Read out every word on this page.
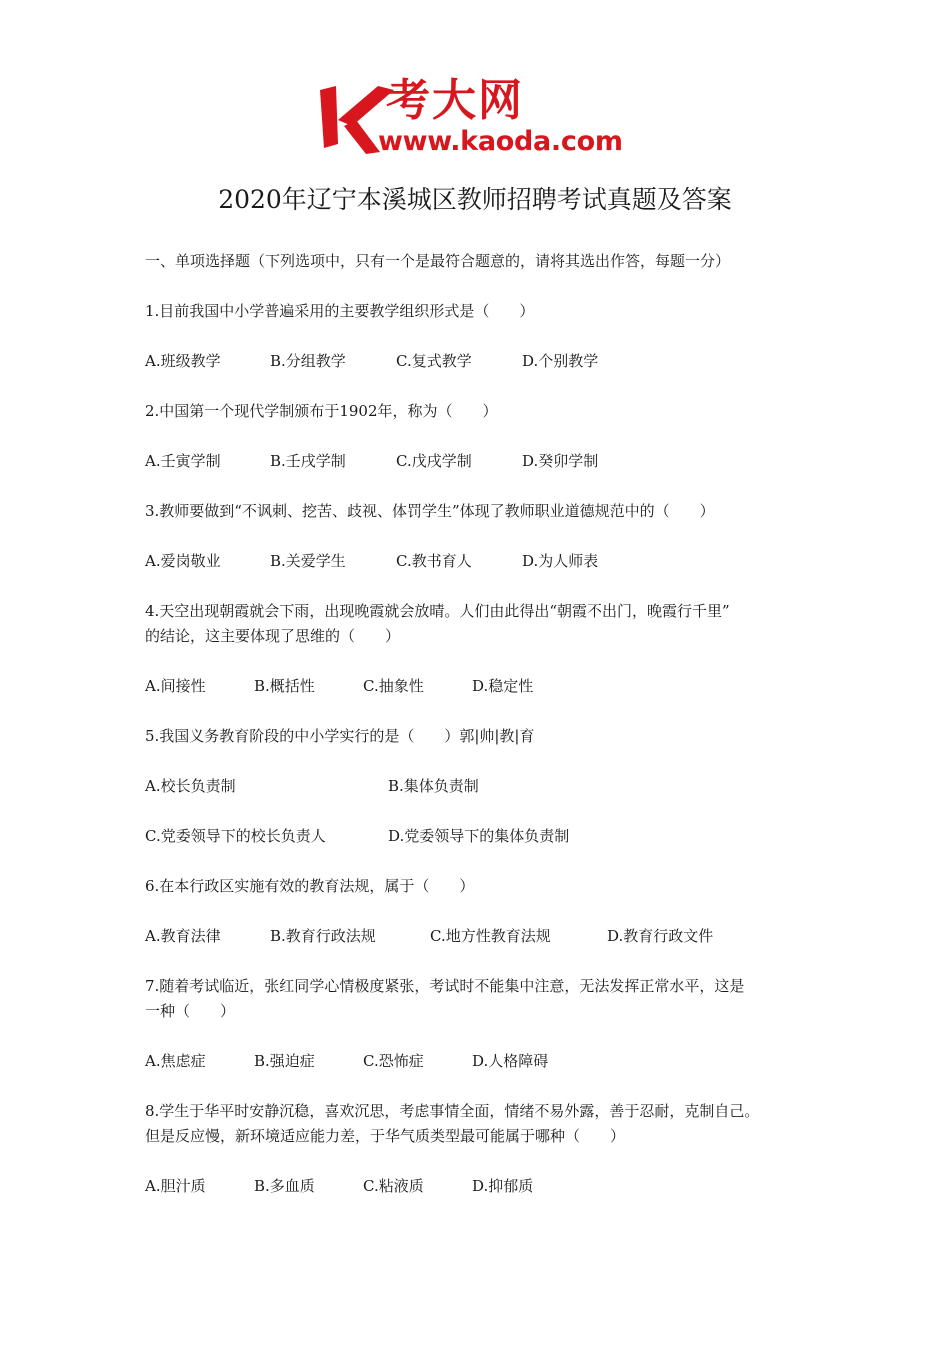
考大网
www.kaoda.com
2020年辽宁本溪城区教师招聘考试真题及答案
一、单项选择题（下列选项中，只有一个是最符合题意的，请将其选出作答，每题一分）
1.目前我国中小学普遍采用的主要教学组织形式是（　　）
A.班级教学	B.分组教学	C.复式教学	D.个别教学
2.中国第一个现代学制颁布于1902年，称为（　　）
A.壬寅学制	B.壬戌学制	C.戊戌学制	D.癸卯学制
3.教师要做到“不讽刺、挖苦、歧视、体罚学生”体现了教师职业道德规范中的（　　）
A.爱岗敬业	B.关爱学生	C.教书育人	D.为人师表
4.天空出现朝霞就会下雨，出现晚霞就会放晴。人们由此得出“朝霞不出门，晚霞行千里”
的结论，这主要体现了思维的（　　）
A.间接性	B.概括性	C.抽象性	D.稳定性
5.我国义务教育阶段的中小学实行的是（　　）郭|帅|教|育
A.校长负责制	B.集体负责制
C.党委领导下的校长负责人	D.党委领导下的集体负责制
6.在本行政区实施有效的教育法规，属于（　　）
A.教育法律	B.教育行政法规	C.地方性教育法规	D.教育行政文件
7.随着考试临近，张红同学心情极度紧张，考试时不能集中注意，无法发挥正常水平，这是
一种（　　）
A.焦虑症	B.强迫症	C.恐怖症	D.人格障碍
8.学生于华平时安静沉稳，喜欢沉思，考虑事情全面，情绪不易外露，善于忍耐，克制自己。
但是反应慢，新环境适应能力差，于华气质类型最可能属于哪种（　　）
A.胆汁质	B.多血质	C.粘液质	D.抑郁质
